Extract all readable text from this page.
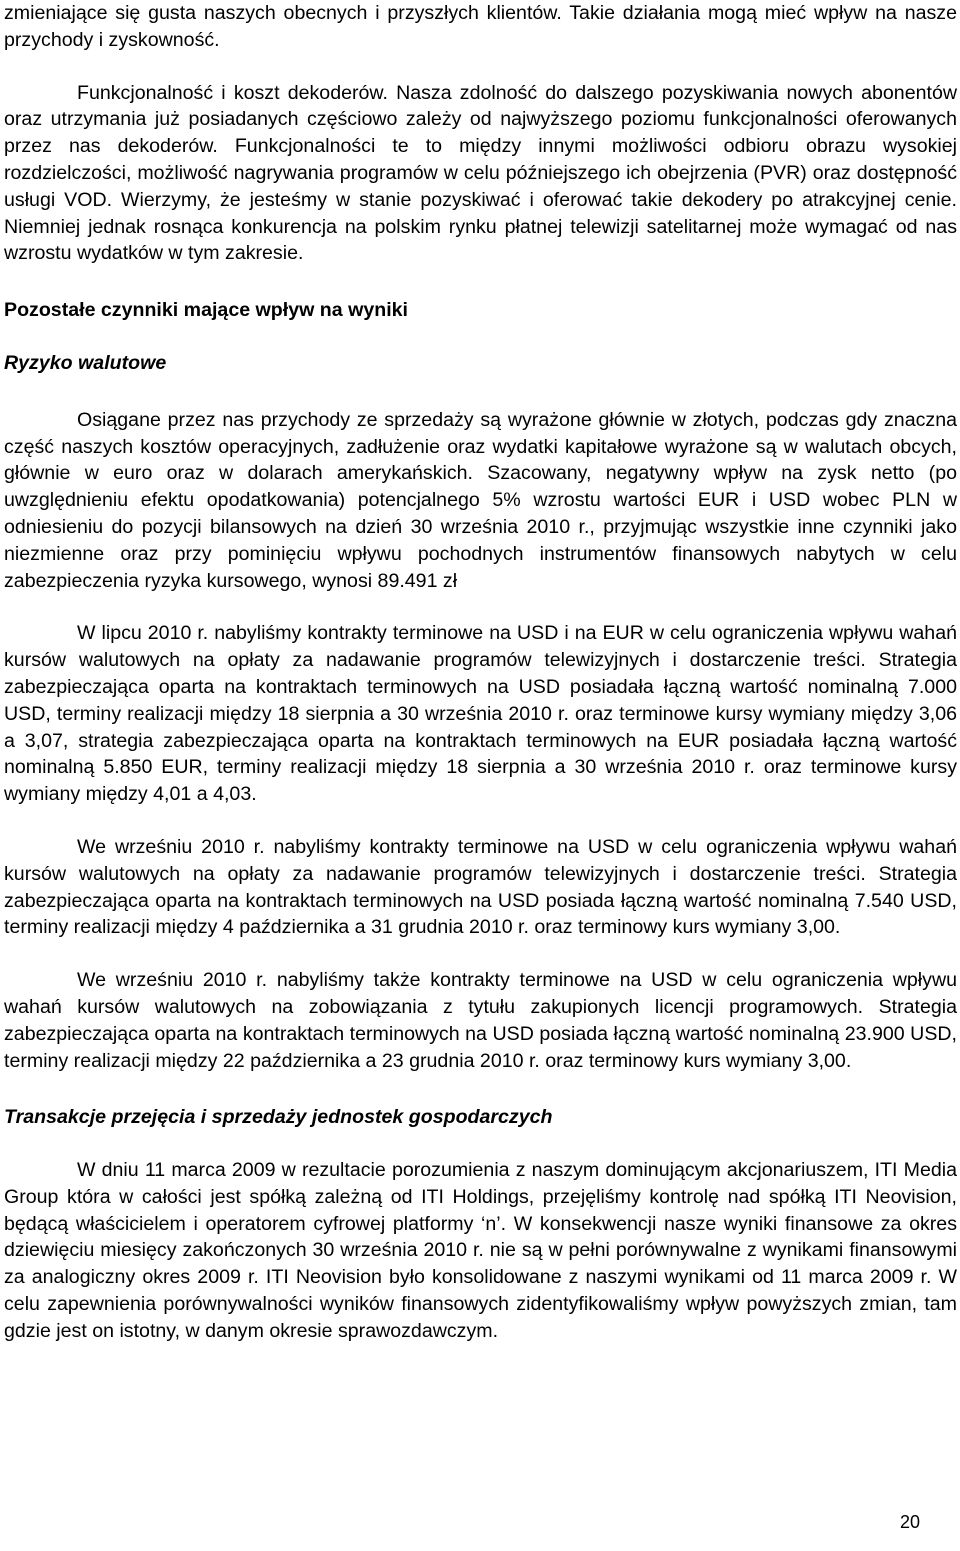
zmieniające się gusta naszych obecnych i przyszłych klientów. Takie działania mogą mieć wpływ na nasze przychody i zyskowność.

Funkcjonalność i koszt dekoderów. Nasza zdolność do dalszego pozyskiwania nowych abonentów oraz utrzymania już posiadanych częściowo zależy od najwyższego poziomu funkcjonalności oferowanych przez nas dekoderów. Funkcjonalności te to między innymi możliwości odbioru obrazu wysokiej rozdzielczości, możliwość nagrywania programów w celu późniejszego ich obejrzenia (PVR) oraz dostępność usługi VOD. Wierzymy, że jesteśmy w stanie pozyskiwać i oferować takie dekodery po atrakcyjnej cenie. Niemniej jednak rosnąca konkurencja na polskim rynku płatnej telewizji satelitarnej może wymagać od nas wzrostu wydatków w tym zakresie.

Pozostałe czynniki mające wpływ na wyniki
Ryzyko walutowe

Osiągane przez nas przychody ze sprzedaży są wyrażone głównie w złotych, podczas gdy znaczna część naszych kosztów operacyjnych, zadłużenie oraz wydatki kapitałowe wyrażone są w walutach obcych, głównie w euro oraz w dolarach amerykańskich. Szacowany, negatywny wpływ na zysk netto (po uwzględnieniu efektu opodatkowania) potencjalnego 5% wzrostu wartości EUR i USD wobec PLN w odniesieniu do pozycji bilansowych na dzień 30 września 2010 r., przyjmując wszystkie inne czynniki jako niezmienne oraz przy pominięciu wpływu pochodnych instrumentów finansowych nabytych w celu zabezpieczenia ryzyka kursowego, wynosi 89.491 zł

W lipcu 2010 r. nabyliśmy kontrakty terminowe na USD i na EUR w celu ograniczenia wpływu wahań kursów walutowych na opłaty za nadawanie programów telewizyjnych i dostarczenie treści. Strategia zabezpieczająca oparta na kontraktach terminowych na USD posiadała łączną wartość nominalną 7.000 USD, terminy realizacji między 18 sierpnia a 30 września 2010 r. oraz terminowe kursy wymiany między 3,06 a 3,07, strategia zabezpieczająca oparta na kontraktach terminowych na EUR posiadała łączną wartość nominalną 5.850 EUR, terminy realizacji między 18 sierpnia a 30 września 2010 r. oraz terminowe kursy wymiany między 4,01 a 4,03.

We wrześniu 2010 r. nabyliśmy kontrakty terminowe na USD w celu ograniczenia wpływu wahań kursów walutowych na opłaty za nadawanie programów telewizyjnych i dostarczenie treści. Strategia zabezpieczająca oparta na kontraktach terminowych na USD posiada łączną wartość nominalną 7.540 USD, terminy realizacji między 4 października a 31 grudnia 2010 r. oraz terminowy kurs wymiany 3,00.

We wrześniu 2010 r. nabyliśmy także kontrakty terminowe na USD w celu ograniczenia wpływu wahań kursów walutowych na zobowiązania z tytułu zakupionych licencji programowych. Strategia zabezpieczająca oparta na kontraktach terminowych na USD posiada łączną wartość nominalną 23.900 USD, terminy realizacji między 22 października a 23 grudnia 2010 r. oraz terminowy kurs wymiany 3,00.

Transakcje przejęcia i sprzedaży jednostek gospodarczych

W dniu 11 marca 2009 w rezultacie porozumienia z naszym dominującym akcjonariuszem, ITI Media Group która w całości jest spółką zależną od ITI Holdings, przejęliśmy kontrolę nad spółką ITI Neovision, będącą właścicielem i operatorem cyfrowej platformy ‘n’. W konsekwencji nasze wyniki finansowe za okres dziewięciu miesięcy zakończonych 30 września 2010 r. nie są w pełni porównywalne z wynikami finansowymi za analogiczny okres 2009 r. ITI Neovision było konsolidowane z naszymi wynikami od 11 marca 2009 r. W celu zapewnienia porównywalności wyników finansowych zidentyfikowaliśmy wpływ powyższych zmian, tam gdzie jest on istotny, w danym okresie sprawozdawczym.

20
